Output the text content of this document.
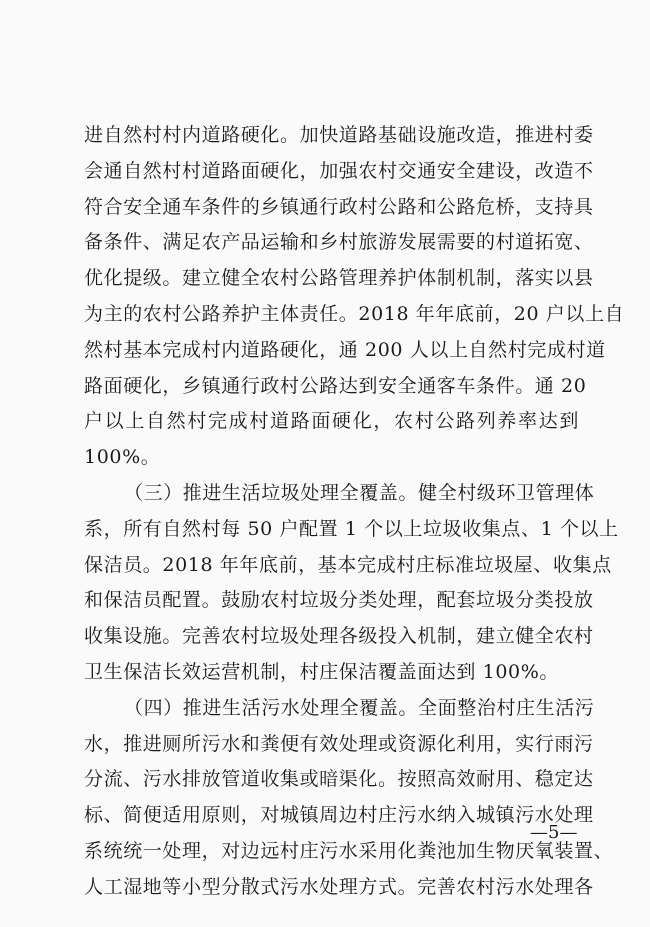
进自然村村内道路硬化。加快道路基础设施改造，推进村委
会通自然村村道路面硬化，加强农村交通安全建设，改造不
符合安全通车条件的乡镇通行政村公路和公路危桥，支持具
备条件、满足农产品运输和乡村旅游发展需要的村道拓宽、
优化提级。建立健全农村公路管理养护体制机制，落实以县
为主的农村公路养护主体责任。2018 年年底前，20 户以上自
然村基本完成村内道路硬化，通 200 人以上自然村完成村道
路面硬化，乡镇通行政村公路达到安全通客车条件。通 20
户以上自然村完成村道路面硬化，农村公路列养率达到
100%。
（三）推进生活垃圾处理全覆盖。健全村级环卫管理体
系，所有自然村每 50 户配置 1 个以上垃圾收集点、1 个以上
保洁员。2018 年年底前，基本完成村庄标准垃圾屋、收集点
和保洁员配置。鼓励农村垃圾分类处理，配套垃圾分类投放
收集设施。完善农村垃圾处理各级投入机制，建立健全农村
卫生保洁长效运营机制，村庄保洁覆盖面达到 100%。
（四）推进生活污水处理全覆盖。全面整治村庄生活污
水，推进厕所污水和粪便有效处理或资源化利用，实行雨污
分流、污水排放管道收集或暗渠化。按照高效耐用、稳定达
标、简便适用原则，对城镇周边村庄污水纳入城镇污水处理
系统统一处理，对边远村庄污水采用化粪池加生物厌氧装置、
人工湿地等小型分散式污水处理方式。完善农村污水处理各
—5—
